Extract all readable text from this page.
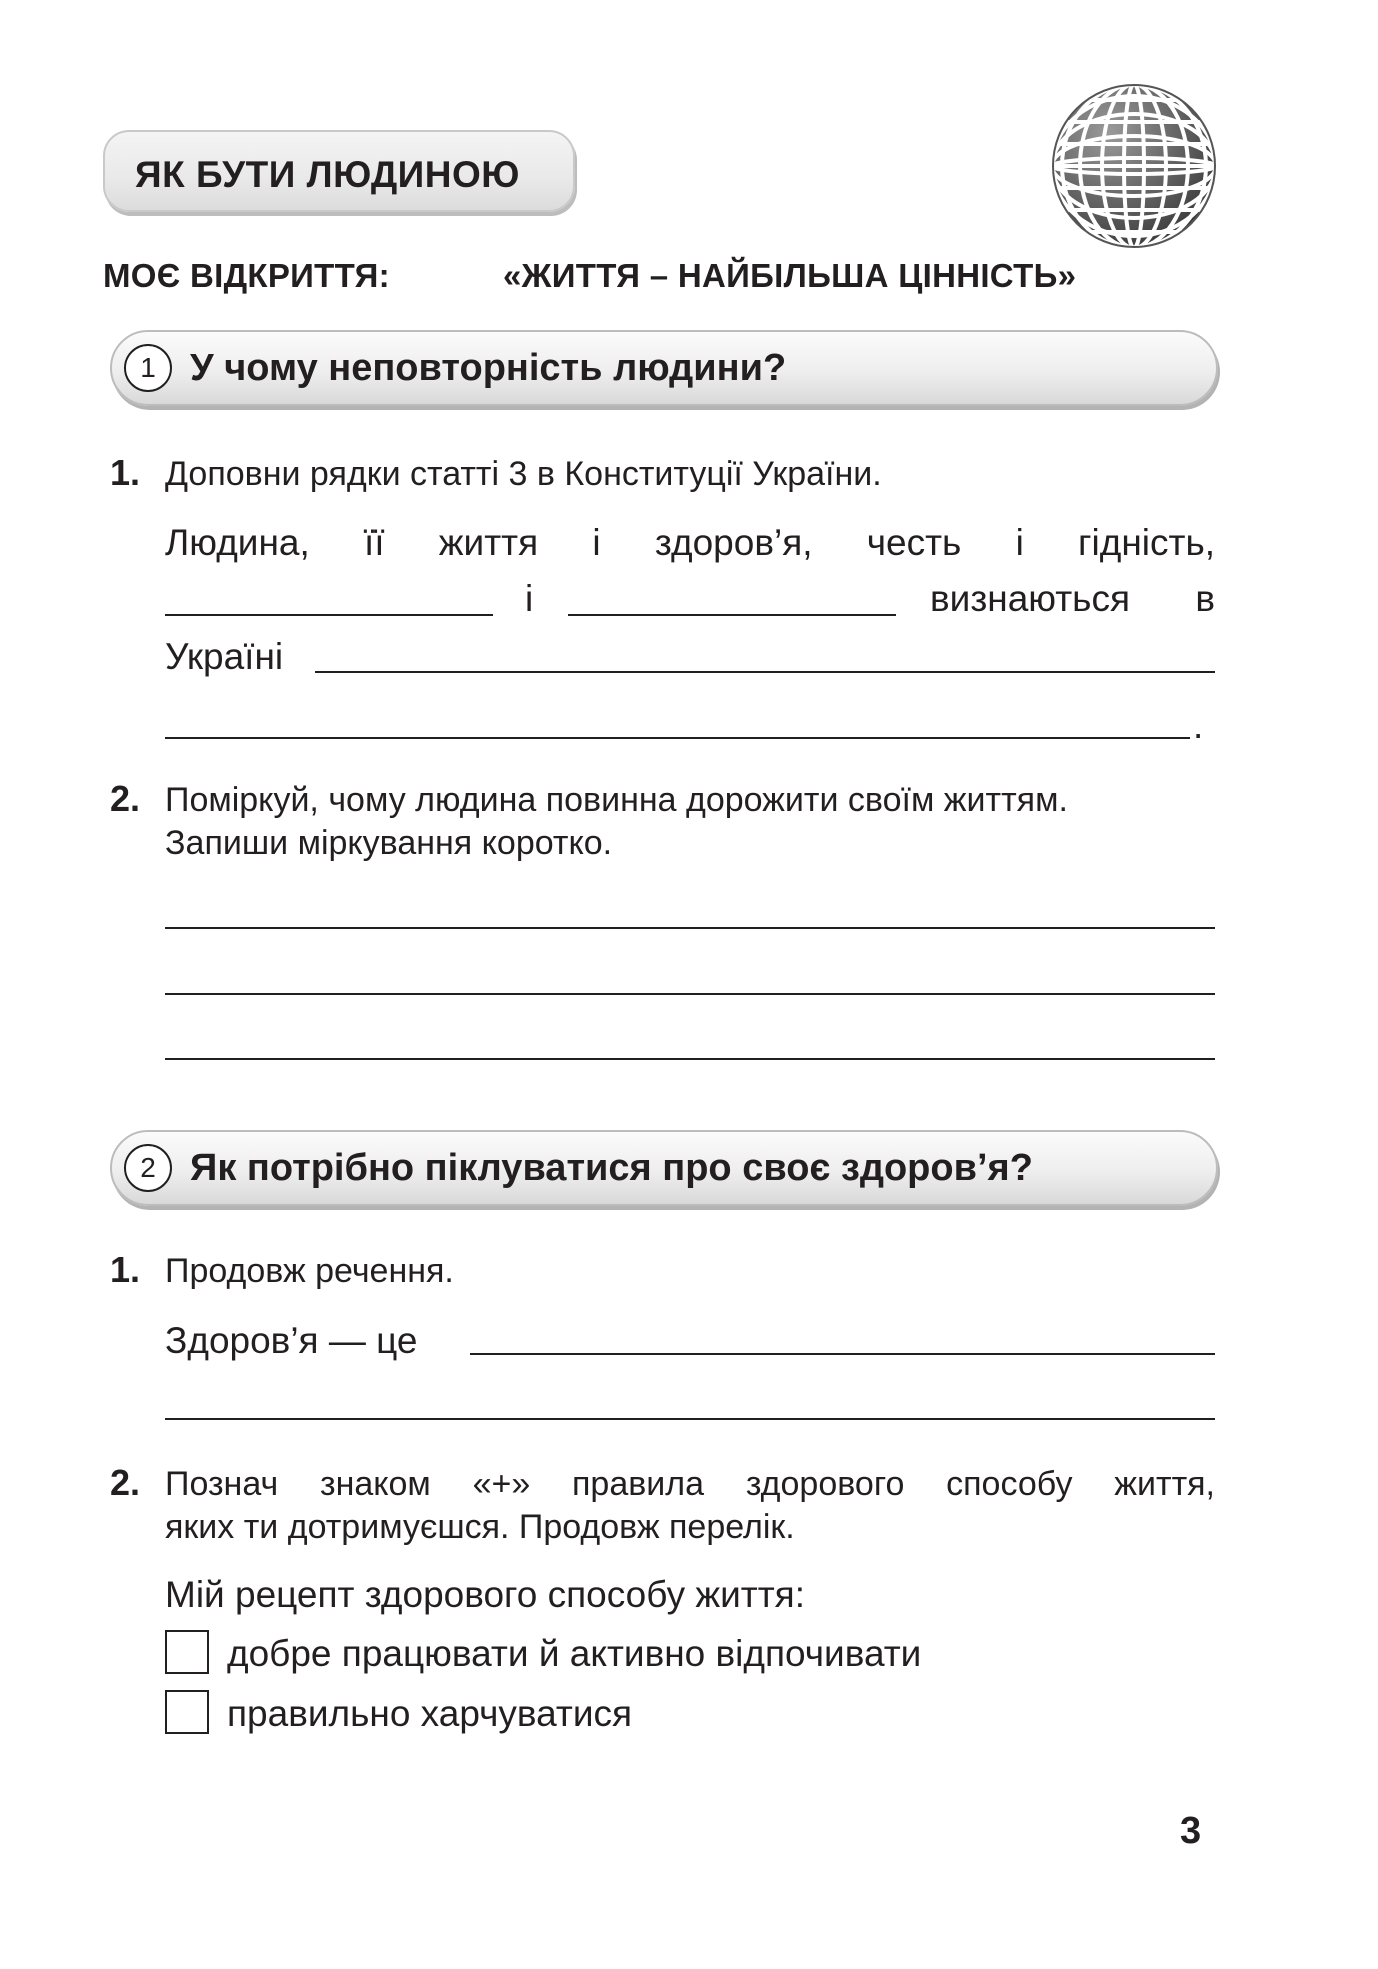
ЯК БУТИ ЛЮДИНОЮ
МОЄ ВІДКРИТТЯ:	«ЖИТТЯ – НАЙБІЛЬША ЦІННІСТЬ»
1 У чому неповторність людини?
1. Доповни рядки статті 3 в Конституції України.
Людина, її життя і здоров’я, честь і гідність,
і	визнаються в
Україні
.
2. Поміркуй, чому людина повинна дорожити своїм життям.
Запиши міркування коротко.
2 Як потрібно піклуватися про своє здоров’я?
1. Продовж речення.
Здоров’я — це
2. Познач знаком «+» правила здорового способу життя,
яких ти дотримуєшся. Продовж перелік.
Мій рецепт здорового способу життя:
добре працювати й активно відпочивати
правильно харчуватися
3
